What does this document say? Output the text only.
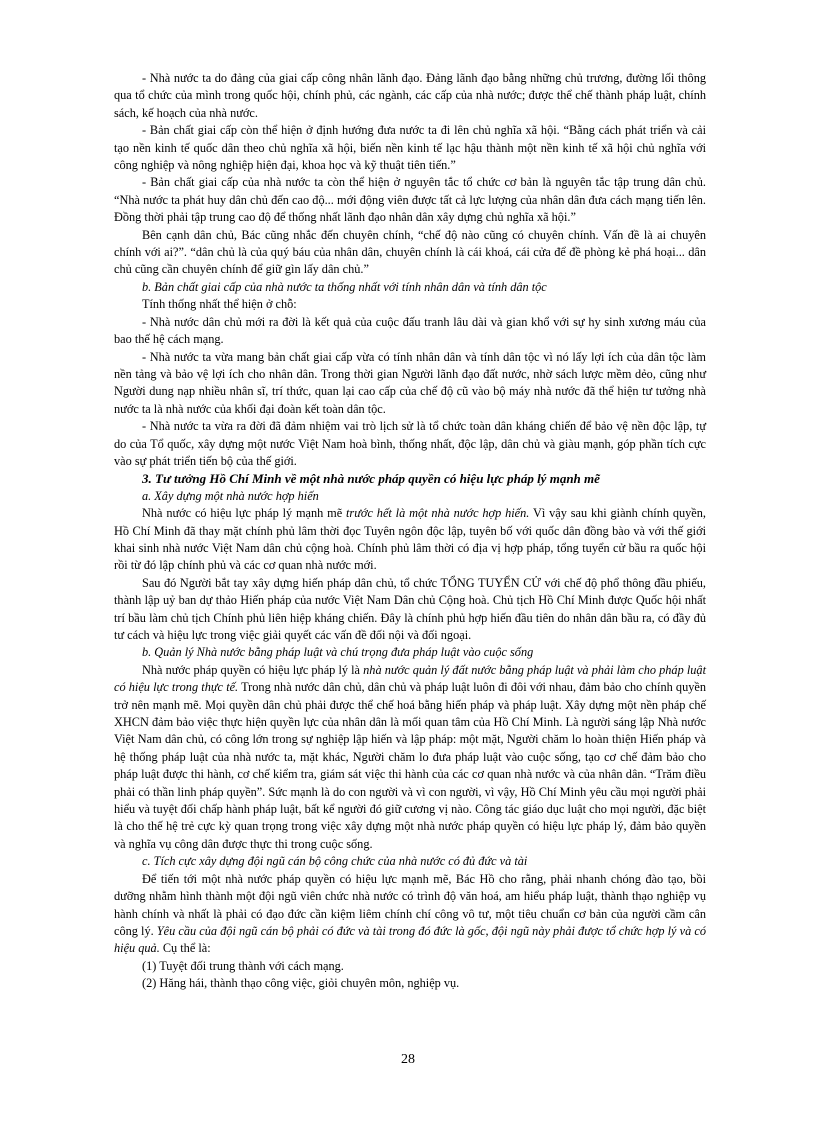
- Nhà nước ta do đảng của giai cấp công nhân lãnh đạo. Đảng lãnh đạo bằng những chủ trương, đường lối thông qua tổ chức của mình trong quốc hội, chính phủ, các ngành, các cấp của nhà nước; được thể chế thành pháp luật, chính sách, kế hoạch của nhà nước.

- Bản chất giai cấp còn thể hiện ở định hướng đưa nước ta đi lên chủ nghĩa xã hội. “Bằng cách phát triển và cải tạo nền kinh tế quốc dân theo chủ nghĩa xã hội, biến nền kinh tế lạc hậu thành một nền kinh tế xã hội chủ nghĩa với công nghiệp và nông nghiệp hiện đại, khoa học và kỹ thuật tiên tiến.”

- Bản chất giai cấp của nhà nước ta còn thể hiện ở nguyên tắc tổ chức cơ bản là nguyên tắc tập trung dân chủ. “Nhà nước ta phát huy dân chủ đến cao độ... mới động viên được tất cả lực lượng của nhân dân đưa cách mạng tiến lên. Đồng thời phải tập trung cao độ để thống nhất lãnh đạo nhân dân xây dựng chủ nghĩa xã hội.”

Bên cạnh dân chủ, Bác cũng nhắc đến chuyên chính, “chế độ nào cũng có chuyên chính. Vấn đề là ai chuyên chính với ai?”. “dân chủ là của quý báu của nhân dân, chuyên chính là cái khoá, cái cửa để đề phòng kẻ phá hoại... dân chủ cũng cần chuyên chính để giữ gìn lấy dân chủ.”

b. Bản chất giai cấp của nhà nước ta thống nhất với tính nhân dân và tính dân tộc

Tính thống nhất thể hiện ở chỗ:

- Nhà nước dân chủ mới ra đời là kết quả của cuộc đấu tranh lâu dài và gian khổ với sự hy sinh xương máu của bao thế hệ cách mạng.

- Nhà nước ta vừa mang bản chất giai cấp vừa có tính nhân dân và tính dân tộc vì nó lấy lợi ích của dân tộc làm nền tảng và bảo vệ lợi ích cho nhân dân. Trong thời gian Người lãnh đạo đất nước, nhờ sách lược mềm dẻo, cũng như Người dung nạp nhiều nhân sĩ, trí thức, quan lại cao cấp của chế độ cũ vào bộ máy nhà nước đã thể hiện tư tưởng nhà nước ta là nhà nước của khối đại đoàn kết toàn dân tộc.

- Nhà nước ta vừa ra đời đã đảm nhiệm vai trò lịch sử là tổ chức toàn dân kháng chiến để bảo vệ nền độc lập, tự do của Tổ quốc, xây dựng một nước Việt Nam hoà bình, thống nhất, độc lập, dân chủ và giàu mạnh, góp phần tích cực vào sự phát triển tiến bộ của thế giới.

3. Tư tưởng Hồ Chí Minh về một nhà nước pháp quyền có hiệu lực pháp lý mạnh mẽ

a. Xây dựng một nhà nước hợp hiến

Nhà nước có hiệu lực pháp lý mạnh mẽ trước hết là một nhà nước hợp hiến. Vì vậy sau khi giành chính quyền, Hồ Chí Minh đã thay mặt chính phủ lâm thời đọc Tuyên ngôn độc lập, tuyên bố với quốc dân đồng bào và với thế giới khai sinh nhà nước Việt Nam dân chủ cộng hoà. Chính phủ lâm thời có địa vị hợp pháp, tổng tuyển cử bầu ra quốc hội rồi từ đó lập chính phủ và các cơ quan nhà nước mới.

Sau đó Người bắt tay xây dựng hiến pháp dân chủ, tổ chức TỔNG TUYỂN CỬ với chế độ phổ thông đầu phiếu, thành lập uỷ ban dự thảo Hiến pháp của nước Việt Nam Dân chủ Cộng hoà. Chủ tịch Hồ Chí Minh được Quốc hội nhất trí bầu làm chủ tịch Chính phủ liên hiệp kháng chiến. Đây là chính phủ hợp hiến đầu tiên do nhân dân bầu ra, có đầy đủ tư cách và hiệu lực trong việc giải quyết các vấn đề đối nội và đối ngoại.

b. Quản lý Nhà nước bằng pháp luật và chú trọng đưa pháp luật vào cuộc sống

Nhà nước pháp quyền có hiệu lực pháp lý là nhà nước quản lý đất nước bằng pháp luật và phải làm cho pháp luật có hiệu lực trong thực tế. Trong nhà nước dân chủ, dân chủ và pháp luật luôn đi đôi với nhau, đảm bảo cho chính quyền trở nên mạnh mẽ. Mọi quyền dân chủ phải được thể chế hoá bằng hiến pháp và pháp luật. Xây dựng một nền pháp chế XHCN đảm bảo việc thực hiện quyền lực của nhân dân là mối quan tâm của Hồ Chí Minh. Là người sáng lập Nhà nước Việt Nam dân chủ, có công lớn trong sự nghiệp lập hiến và lập pháp: một mặt, Người chăm lo hoàn thiện Hiến pháp và hệ thống pháp luật của nhà nước ta, mặt khác, Người chăm lo đưa pháp luật vào cuộc sống, tạo cơ chế đảm bảo cho pháp luật được thi hành, cơ chế kiểm tra, giám sát việc thi hành của các cơ quan nhà nước và của nhân dân. “Trăm điều phải có thần linh pháp quyền”. Sức mạnh là do con người và vì con người, vì vậy, Hồ Chí Minh yêu cầu mọi người phải hiểu và tuyệt đối chấp hành pháp luật, bất kể người đó giữ cương vị nào. Công tác giáo dục luật cho mọi người, đặc biệt là cho thế hệ trẻ cực kỳ quan trọng trong việc xây dựng một nhà nước pháp quyền có hiệu lực pháp lý, đảm bảo quyền và nghĩa vụ công dân được thực thi trong cuộc sống.

c. Tích cực xây dựng đội ngũ cán bộ công chức của nhà nước có đủ đức và tài

Để tiến tới một nhà nước pháp quyền có hiệu lực mạnh mẽ, Bác Hồ cho rằng, phải nhanh chóng đào tạo, bồi dưỡng nhằm hình thành một đội ngũ viên chức nhà nước có trình độ văn hoá, am hiểu pháp luật, thành thạo nghiệp vụ hành chính và nhất là phải có đạo đức cần kiệm liêm chính chí công vô tư, một tiêu chuẩn cơ bản của người cầm cân công lý. Yêu cầu của đội ngũ cán bộ phải có đức và tài trong đó đức là gốc, đội ngũ này phải được tổ chức hợp lý và có hiệu quả. Cụ thể là:

(1) Tuyệt đối trung thành với cách mạng.

(2) Hăng hái, thành thạo công việc, giỏi chuyên môn, nghiệp vụ.

28
